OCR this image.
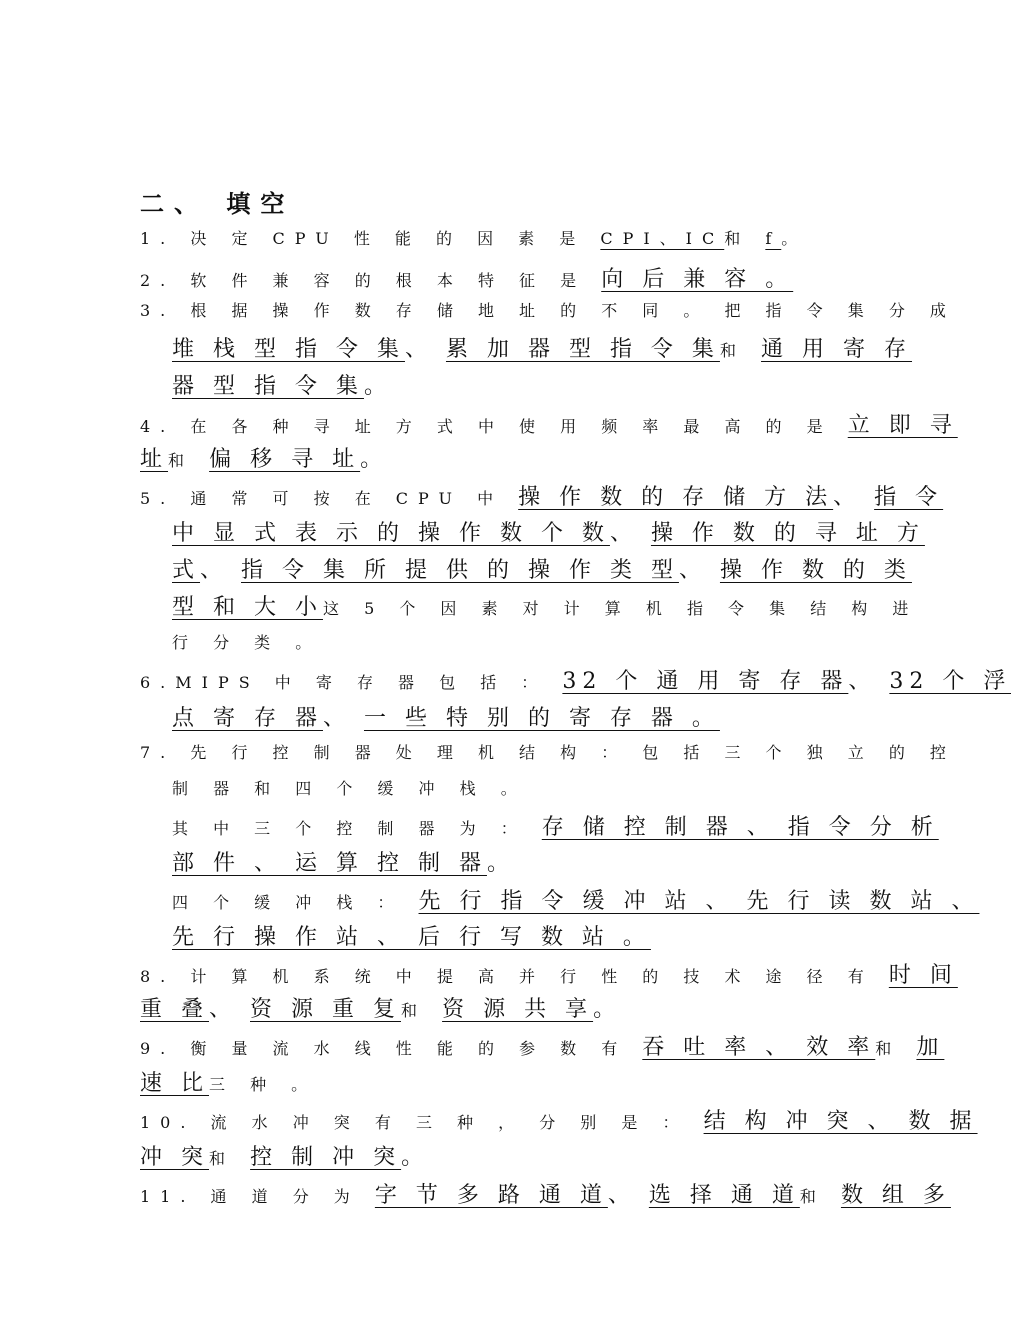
二、 填空
1. 决 定 CPU 性 能 的 因 素 是 CPI、IC和 f。
2. 软 件 兼 容 的 根 本 特 征 是 向 后 兼 容 。
3. 根 据 操 作 数 存 储 地 址 的 不 同 。 把 指 令 集 分 成
堆 栈 型 指 令 集、 累 加 器 型 指 令 集和 通 用 寄 存
器 型 指 令 集。
4. 在 各 种 寻 址 方 式 中 使 用 频 率 最 高 的 是 立 即 寻
址和 偏 移 寻 址。
5. 通 常 可 按 在 CPU 中 操 作 数 的 存 储 方 法、 指 令
中 显 式 表 示 的 操 作 数 个 数、 操 作 数 的 寻 址 方
式、 指 令 集 所 提 供 的 操 作 类 型、 操 作 数 的 类
型 和 大 小这 5 个 因 素 对 计 算 机 指 令 集 结 构 进
行 分 类 。
6.MIPS 中 寄 存 器 包 括 ： 32 个 通 用 寄 存 器、 32 个 浮
点 寄 存 器、 一 些 特 别 的 寄 存 器 。
7. 先 行 控 制 器 处 理 机 结 构 ： 包 括 三 个 独 立 的 控
制 器 和 四 个 缓 冲 栈 。
其 中 三 个 控 制 器 为 ： 存 储 控 制 器 、 指 令 分 析
部 件 、 运 算 控 制 器。
四 个 缓 冲 栈 ： 先 行 指 令 缓 冲 站 、 先 行 读 数 站 、
先 行 操 作 站 、 后 行 写 数 站 。
8. 计 算 机 系 统 中 提 高 并 行 性 的 技 术 途 径 有 时 间
重 叠、 资 源 重 复和 资 源 共 享。
9. 衡 量 流 水 线 性 能 的 参 数 有 吞 吐 率 、 效 率和 加
速 比三 种 。
10. 流 水 冲 突 有 三 种 ， 分 别 是 ： 结 构 冲 突 、 数 据
冲 突和 控 制 冲 突。
11. 通 道 分 为 字 节 多 路 通 道、 选 择 通 道和 数 组 多
